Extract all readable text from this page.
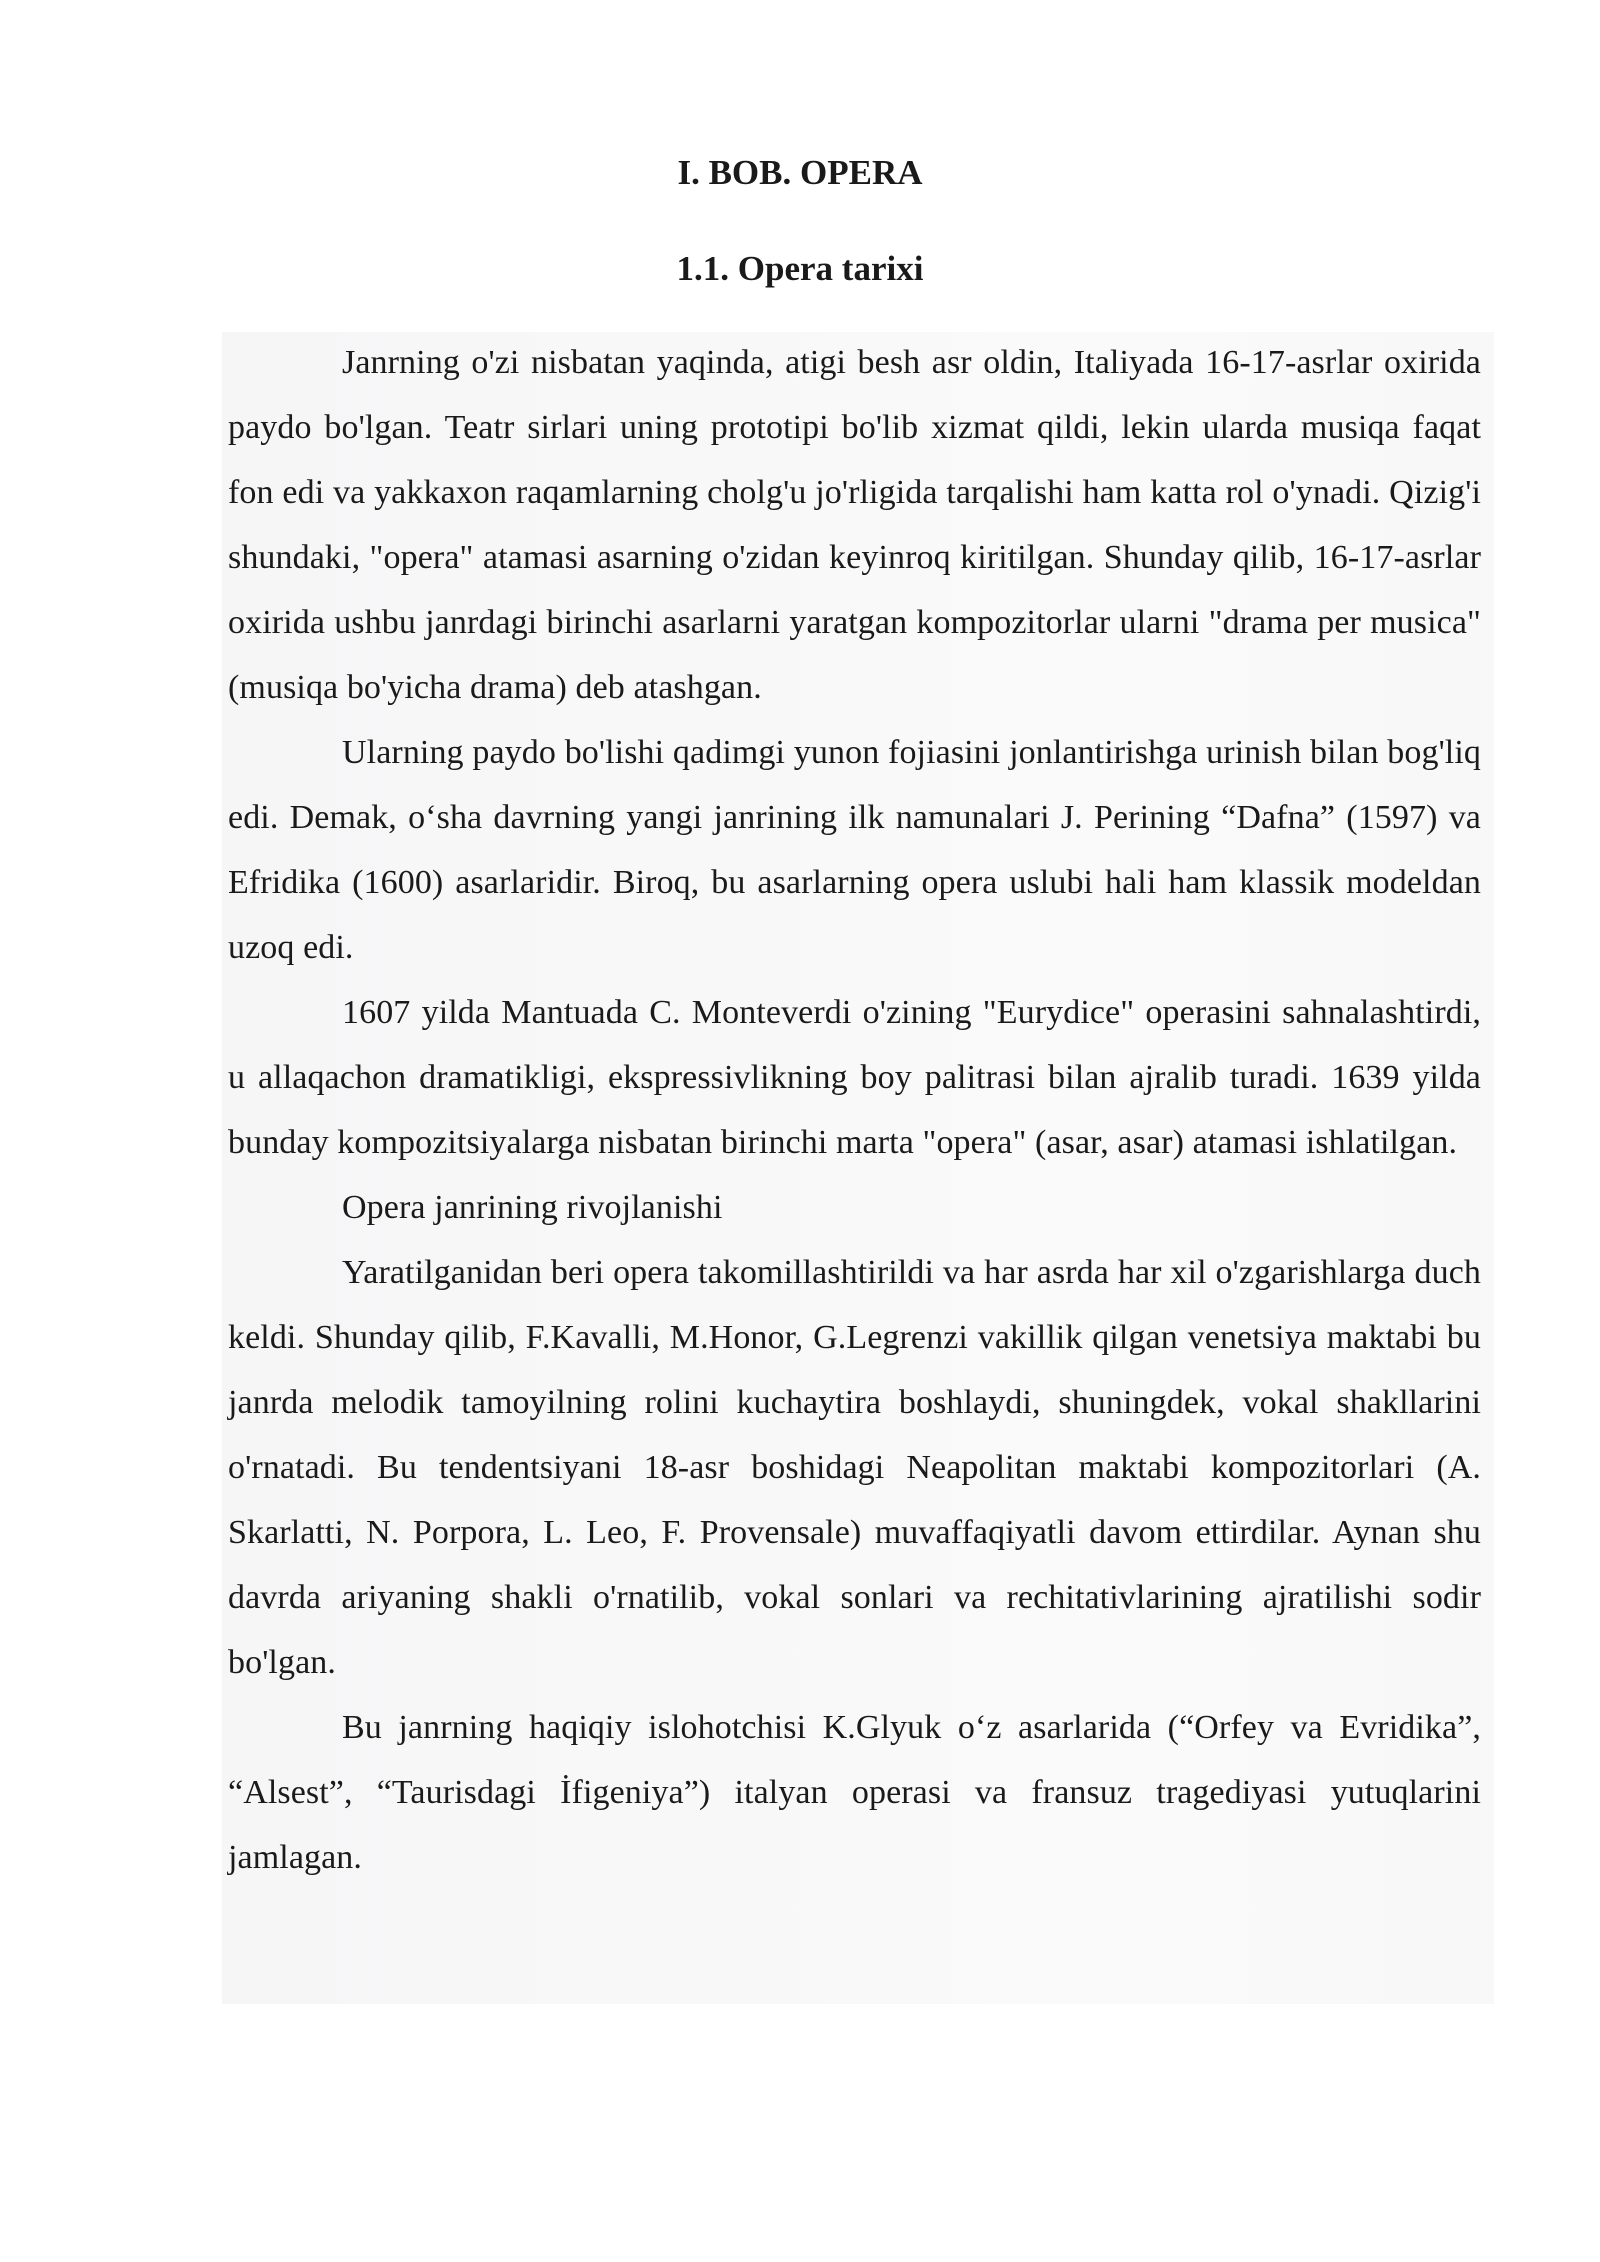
I. BOB. OPERA
1.1. Opera tarixi

Janrning o'zi nisbatan yaqinda, atigi besh asr oldin, Italiyada 16-17-asrlar oxirida paydo bo'lgan. Teatr sirlari uning prototipi bo'lib xizmat qildi, lekin ularda musiqa faqat fon edi va yakkaxon raqamlarning cholg'u jo'rligida tarqalishi ham katta rol o'ynadi. Qizig'i shundaki, "opera" atamasi asarning o'zidan keyinroq kiritilgan. Shunday qilib, 16-17-asrlar oxirida ushbu janrdagi birinchi asarlarni yaratgan kompozitorlar ularni "drama per musica" (musiqa bo'yicha drama) deb atashgan.

Ularning paydo bo'lishi qadimgi yunon fojiasini jonlantirishga urinish bilan bog'liq edi. Demak, o‘sha davrning yangi janrining ilk namunalari J. Perining “Dafna” (1597) va Efridika (1600) asarlaridir. Biroq, bu asarlarning opera uslubi hali ham klassik modeldan uzoq edi.

1607 yilda Mantuada C. Monteverdi o'zining "Eurydice" operasini sahnalashtirdi, u allaqachon dramatikligi, ekspressivlikning boy palitrasi bilan ajralib turadi. 1639 yilda bunday kompozitsiyalarga nisbatan birinchi marta "opera" (asar, asar) atamasi ishlatilgan.

Opera janrining rivojlanishi

Yaratilganidan beri opera takomillashtirildi va har asrda har xil o'zgarishlarga duch keldi. Shunday qilib, F.Kavalli, M.Honor, G.Legrenzi vakillik qilgan venetsiya maktabi bu janrda melodik tamoyilning rolini kuchaytira boshlaydi, shuningdek, vokal shakllarini o'rnatadi. Bu tendentsiyani 18-asr boshidagi Neapolitan maktabi kompozitorlari (A. Skarlatti, N. Porpora, L. Leo, F. Provensale) muvaffaqiyatli davom ettirdilar. Aynan shu davrda ariyaning shakli o'rnatilib, vokal sonlari va rechitativlarining ajratilishi sodir bo'lgan.

Bu janrning haqiqiy islohotchisi K.Glyuk o‘z asarlarida (“Orfey va Evridika”, “Alsest”, “Taurisdagi İfigeniya”) italyan operasi va fransuz tragediyasi yutuqlarini jamlagan.
